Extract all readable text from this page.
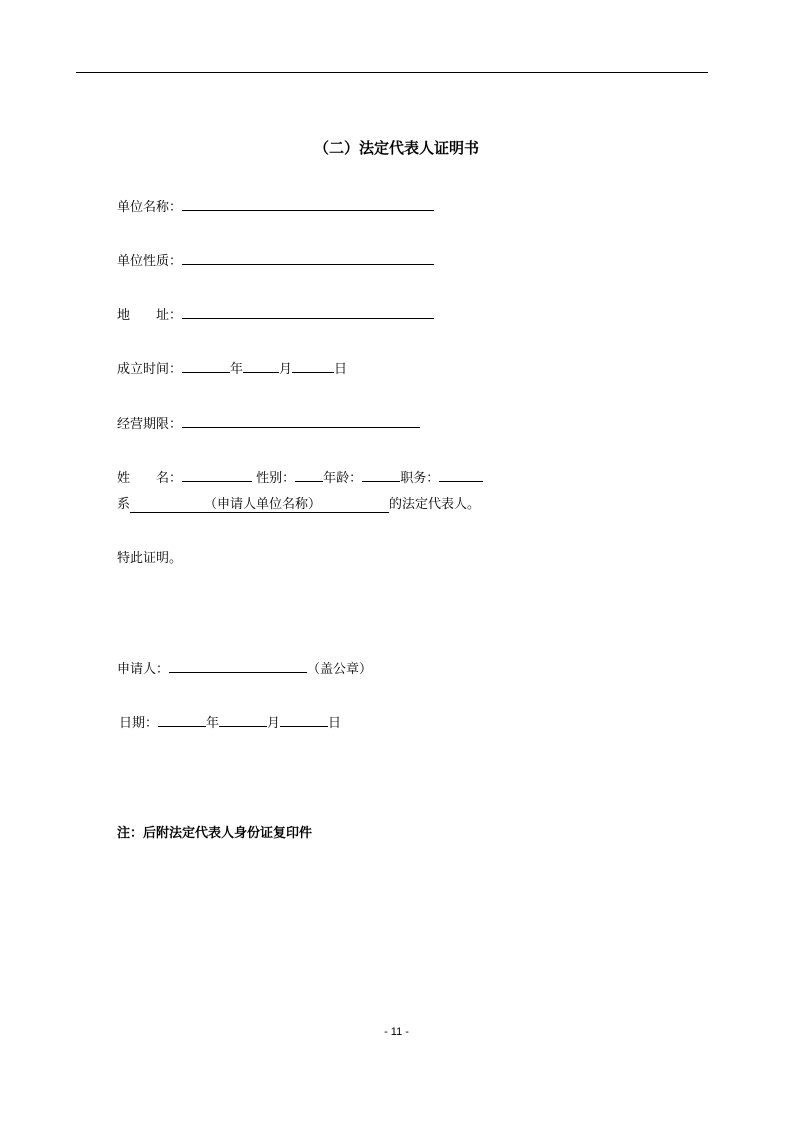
（二）法定代表人证明书
单位名称：
单位性质：
地　　址：
成立时间：	年	月	日
经营期限：
姓　　名：	性别： 年龄：	职务：
系	（申请人单位名称）	的法定代表人。
特此证明。
申请人：	（盖公章）
日期：	年	月	日
注：后附法定代表人身份证复印件
- 11 -
